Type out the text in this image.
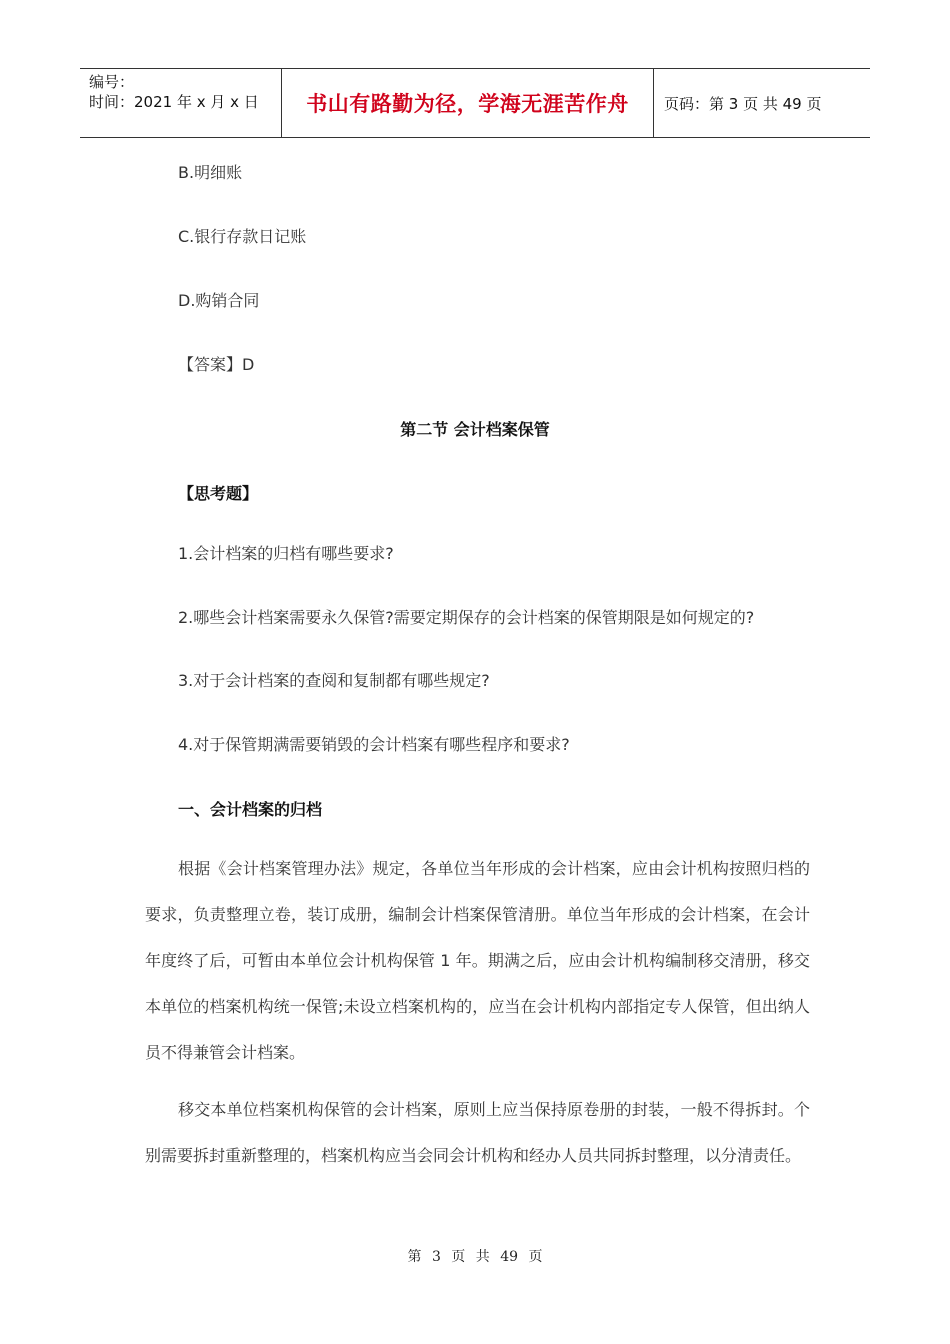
编号：
时间：2021 年 x 月 x 日	书山有路勤为径，学海无涯苦作舟	页码：第 3 页 共 49 页
B.明细账
C.银行存款日记账
D.购销合同
【答案】D
第二节 会计档案保管
【思考题】
1.会计档案的归档有哪些要求?
2.哪些会计档案需要永久保管?需要定期保存的会计档案的保管期限是如何规定的?
3.对于会计档案的查阅和复制都有哪些规定?
4.对于保管期满需要销毁的会计档案有哪些程序和要求?
一、会计档案的归档

根据《会计档案管理办法》规定，各单位当年形成的会计档案，应由会计机构按照归档的要求，负责整理立卷，装订成册，编制会计档案保管清册。单位当年形成的会计档案，在会计年度终了后，可暂由本单位会计机构保管 1 年。期满之后，应由会计机构编制移交清册，移交本单位的档案机构统一保管;未设立档案机构的，应当在会计机构内部指定专人保管，但出纳人员不得兼管会计档案。

移交本单位档案机构保管的会计档案，原则上应当保持原卷册的封装，一般不得拆封。个别需要拆封重新整理的，档案机构应当会同会计机构和经办人员共同拆封整理，以分清责任。

第 3 页 共 49 页
